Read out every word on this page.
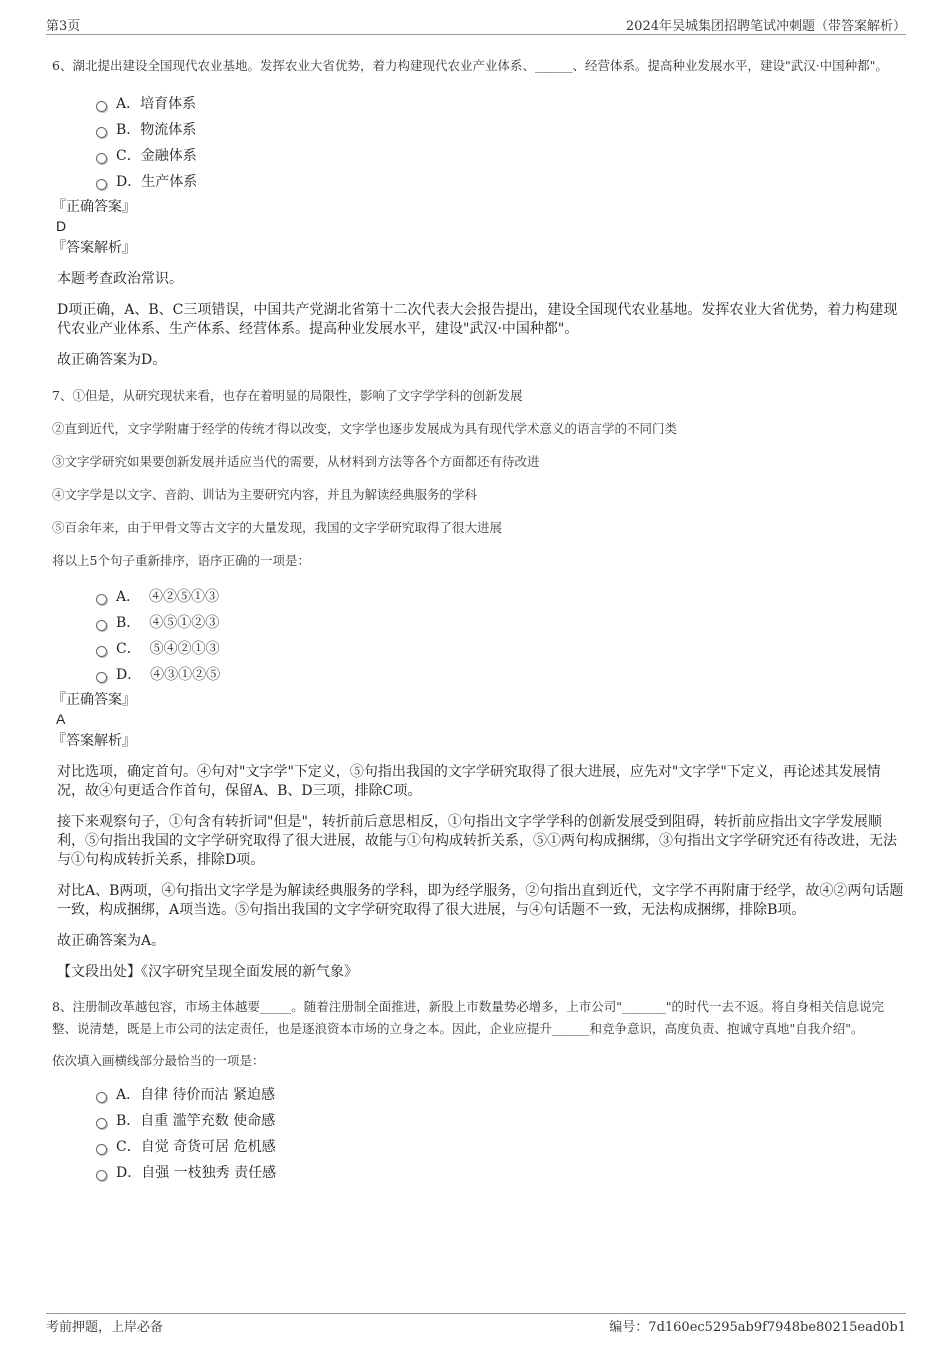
第3页	2024年吴城集团招聘笔试冲刺题（带答案解析）

6、湖北提出建设全国现代农业基地。发挥农业大省优势，着力构建现代农业产业体系、______、经营体系。提高种业发展水平，建设"武汉·中国种都"。

A．培育体系
B．物流体系
C．金融体系
D．生产体系

『正确答案』

D

『答案解析』

本题考查政治常识。

D项正确，A、B、C三项错误，中国共产党湖北省第十二次代表大会报告提出，建设全国现代农业基地。发挥农业大省优势，着力构建现代农业产业体系、生产体系、经营体系。提高种业发展水平，建设"武汉·中国种都"。

故正确答案为D。

7、①但是，从研究现状来看，也存在着明显的局限性，影响了文字学学科的创新发展

②直到近代，文字学附庸于经学的传统才得以改变，文字学也逐步发展成为具有现代学术意义的语言学的不同门类

③文字学研究如果要创新发展并适应当代的需要，从材料到方法等各个方面都还有待改进

④文字学是以文字、音韵、训诂为主要研究内容，并且为解读经典服务的学科

⑤百余年来，由于甲骨文等古文字的大量发现，我国的文字学研究取得了很大进展

将以上5个句子重新排序，语序正确的一项是：

A．  ④②⑤①③
B．  ④⑤①②③
C．  ⑤④②①③
D．  ④③①②⑤

『正确答案』

A

『答案解析』

对比选项，确定首句。④句对"文字学"下定义，⑤句指出我国的文字学研究取得了很大进展，应先对"文字学"下定义，再论述其发展情况，故④句更适合作首句，保留A、B、D三项，排除C项。

接下来观察句子，①句含有转折词"但是"，转折前后意思相反，①句指出文字学学科的创新发展受到阻碍，转折前应指出文字学发展顺利，⑤句指出我国的文字学研究取得了很大进展，故能与①句构成转折关系，⑤①两句构成捆绑，③句指出文字学研究还有待改进，无法与①句构成转折关系，排除D项。

对比A、B两项，④句指出文字学是为解读经典服务的学科，即为经学服务，②句指出直到近代，文字学不再附庸于经学，故④②两句话题一致，构成捆绑，A项当选。⑤句指出我国的文字学研究取得了很大进展，与④句话题不一致，无法构成捆绑，排除B项。

故正确答案为A。

【文段出处】《汉字研究呈现全面发展的新气象》

8、注册制改革越包容，市场主体越要_____。随着注册制全面推进，新股上市数量势必增多，上市公司"_______"的时代一去不返。将自身相关信息说完整、说清楚，既是上市公司的法定责任，也是逐浪资本市场的立身之本。因此，企业应提升______和竞争意识，高度负责、抱诚守真地"自我介绍"。

依次填入画横线部分最恰当的一项是：

A．自律 待价而沽 紧迫感
B．自重 滥竽充数 使命感
C．自觉 奇货可居 危机感
D．自强 一枝独秀 责任感
考前押题，上岸必备	编号：7d160ec5295ab9f7948be80215ead0b1
